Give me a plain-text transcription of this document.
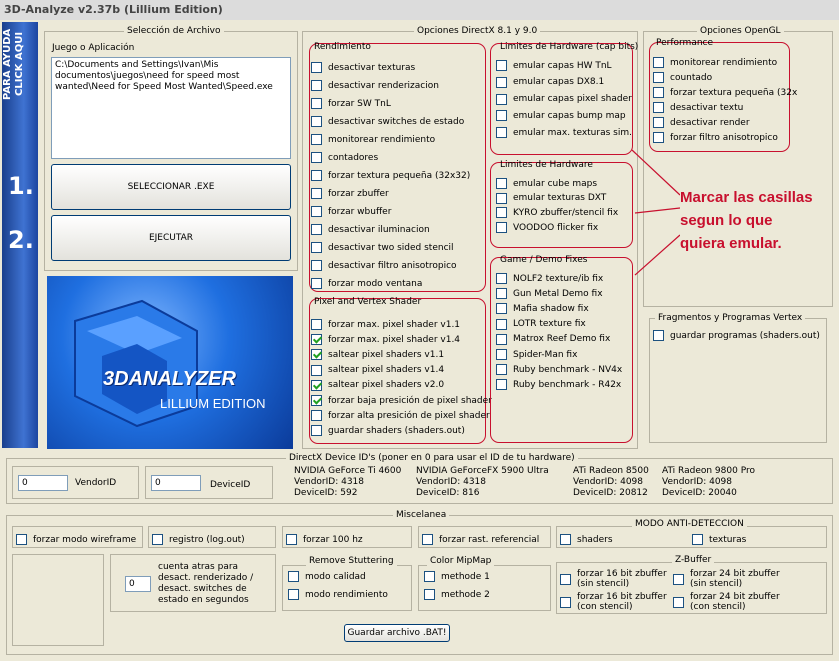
3D-Analyze v2.37b (Lillium Edition)
PARA AYUDA CLICK AQUI
1.
2.
Selección de Archivo
Juego o Aplicación
C:\Documents and Settings\Ivan\Mis documentos\juegos\need for speed most wanted\Need for Speed Most Wanted\Speed.exe
SELECCIONAR .EXE
EJECUTAR
3DANALYZER
LILLIUM EDITION
Opciones DirectX 8.1 y 9.0
Rendimiento
desactivar texturas
desactivar renderizacion
forzar SW TnL
desactivar switches de estado
monitorear rendimiento
contadores
forzar textura pequeña (32x32)
forzar zbuffer
forzar wbuffer
desactivar iluminacion
desactivar two sided stencil
desactivar filtro anisotropico
forzar modo ventana
Pixel and Vertex Shader
forzar max. pixel shader v1.1
forzar max. pixel shader v1.4
saltear pixel shaders v1.1
saltear pixel shaders v1.4
saltear pixel shaders v2.0
forzar baja presición de pixel shader
forzar alta presición de pixel shader
guardar shaders (shaders.out)
Limites de Hardware (cap bits)
emular capas HW TnL
emular capas DX8.1
emular capas pixel shader
emular capas bump map
emular max. texturas sim.
Limites de Hardware
emular cube maps
emular texturas DXT
KYRO zbuffer/stencil fix
VOODOO flicker fix
Game / Demo Fixes
NOLF2 texture/ib fix
Gun Metal Demo fix
Mafia shadow fix
LOTR texture fix
Matrox Reef Demo fix
Spider-Man fix
Ruby benchmark - NV4x
Ruby benchmark - R42x
Opciones OpenGL
Performance
monitorear rendimiento
countado
forzar textura pequeña (32x
desactivar textu
desactivar render
forzar filtro anisotropico
Fragmentos y Programas Vertex
guardar programas (shaders.out)
Marcar las casillas segun lo que quiera emular.
DirectX Device ID's (poner en 0 para usar el ID de tu hardware)
0	VendorID	0	DeviceID
NVIDIA GeForce Ti 4600
VendorID: 4318
DeviceID: 592
NVIDIA GeForceFX 5900 Ultra
VendorID: 4318
DeviceID: 816
ATi Radeon 8500
VendorID: 4098
DeviceID: 20812
ATi Radeon 9800 Pro
VendorID: 4098
DeviceID: 20040
Miscelanea
forzar modo wireframe	registro (log.out)	forzar 100 hz	forzar rast. referencial
MODO ANTI-DETECCION
shaders	texturas
0
cuenta atras para desact. renderizado / desact. switches de estado en segundos
Remove Stuttering
modo calidad
modo rendimiento
Color MipMap
methode 1
methode 2
Z-Buffer
forzar 16 bit zbuffer (sin stencil)
forzar 24 bit zbuffer (sin stencil)
forzar 16 bit zbuffer (con stencil)
forzar 24 bit zbuffer (con stencil)
Guardar archivo .BAT!
